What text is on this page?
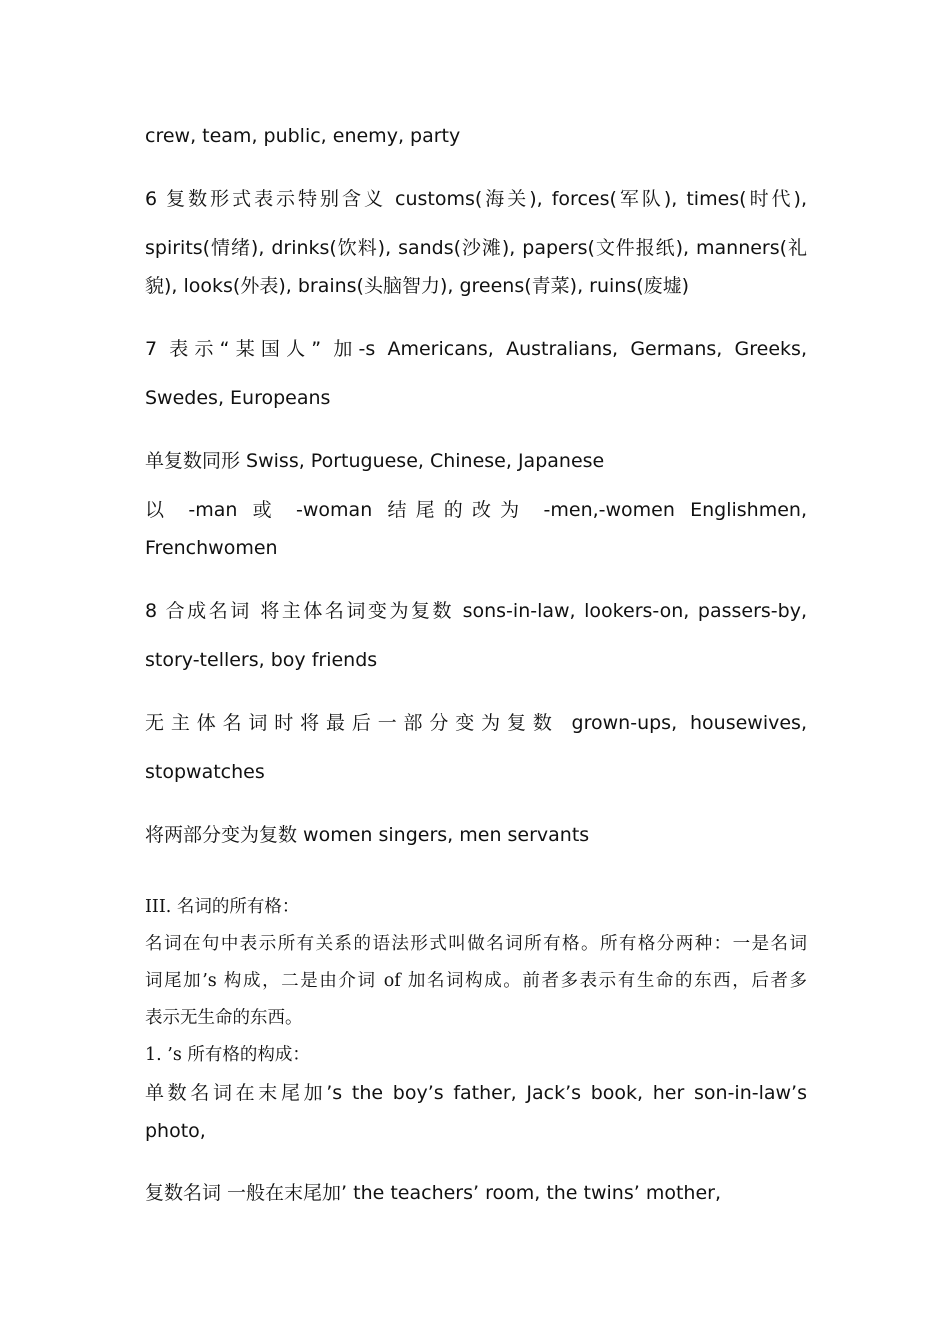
crew, team, public, enemy, party
6 复数形式表示特别含义 customs(海关), forces(军队), times(时代),
spirits(情绪), drinks(饮料), sands(沙滩), papers(文件报纸), manners(礼
貌), looks(外表), brains(头脑智力), greens(青菜), ruins(废墟)
7 表示“某国人” 加-s Americans, Australians, Germans, Greeks,
Swedes, Europeans
单复数同形 Swiss, Portuguese, Chinese, Japanese
以 -man 或 -woman 结尾的改为 -men,-women Englishmen,
Frenchwomen
8 合成名词 将主体名词变为复数 sons-in-law, lookers-on, passers-by,
story-tellers, boy friends
无主体名词时将最后一部分变为复数 grown-ups, housewives,
stopwatches
将两部分变为复数 women singers, men servants
III. 名词的所有格：
名词在句中表示所有关系的语法形式叫做名词所有格。所有格分两种：一是名词
词尾加’s 构成，二是由介词 of 加名词构成。前者多表示有生命的东西，后者多
表示无生命的东西。
1. ’s 所有格的构成：
单数名词在末尾加’s the boy’s father, Jack’s book, her son-in-law’s
photo,
复数名词 一般在末尾加’ the teachers’ room, the twins’ mother,
